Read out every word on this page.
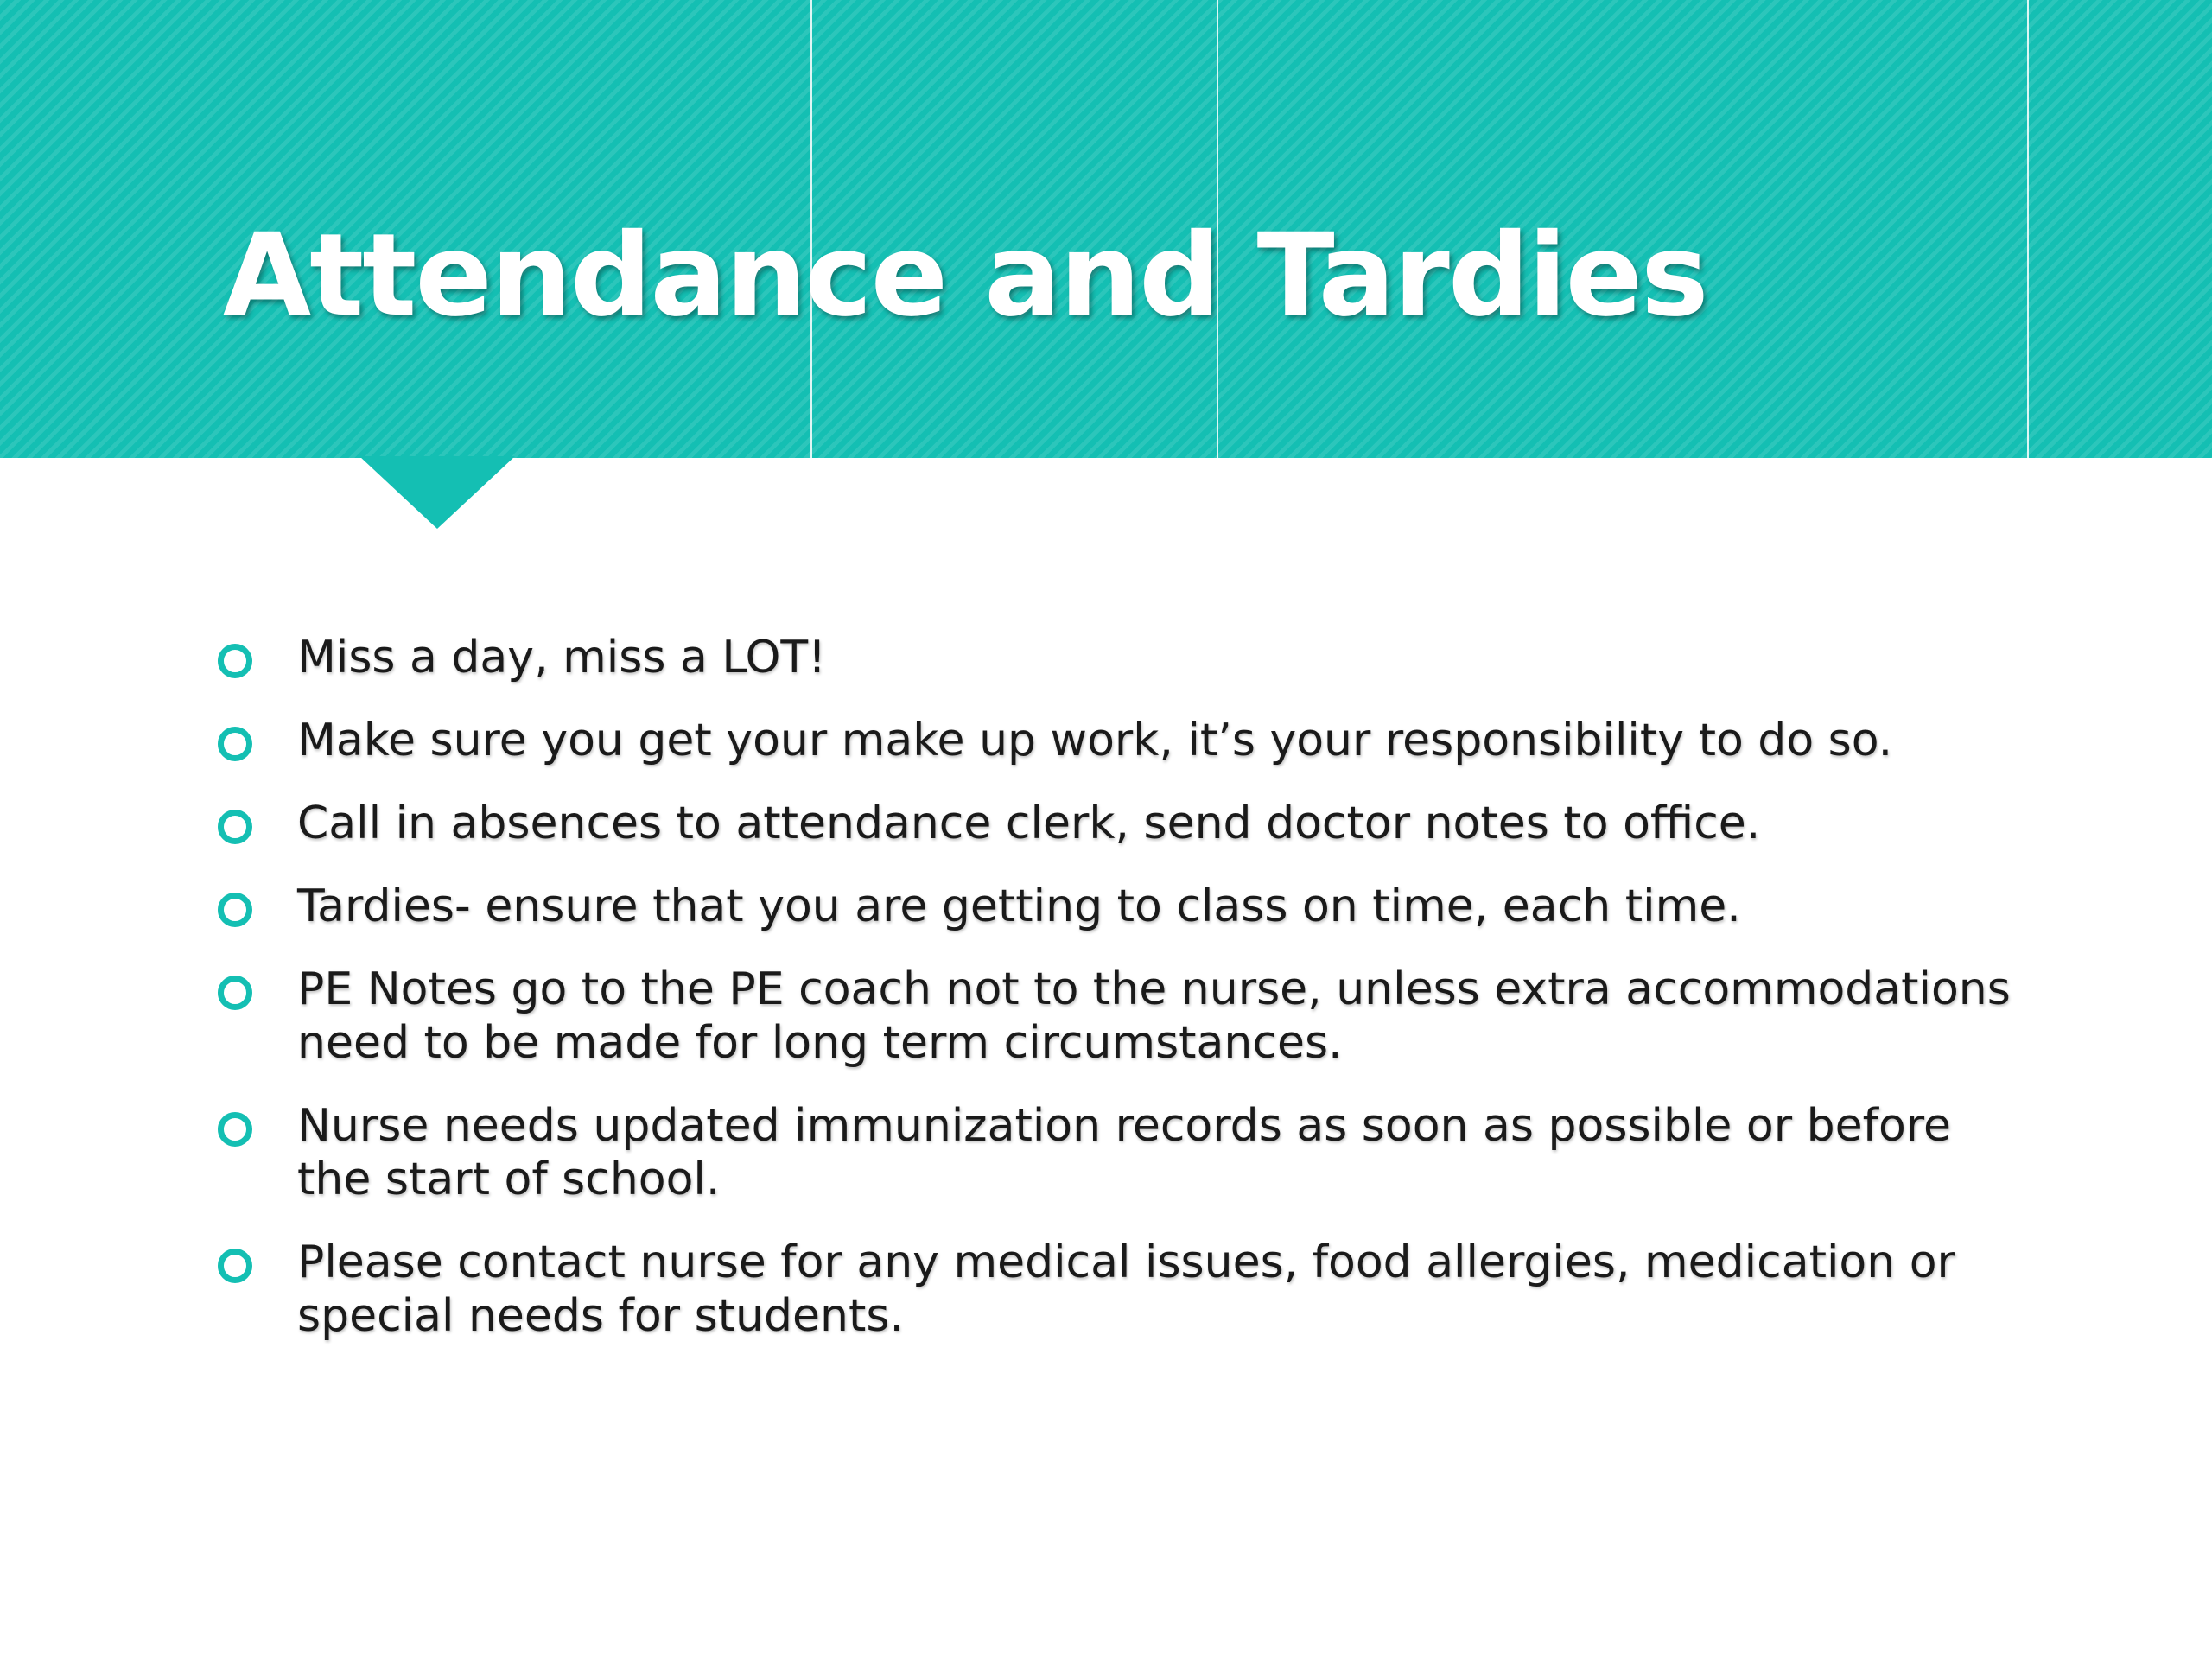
Attendance and Tardies
Miss a day, miss a LOT!
Make sure you get your make up work, it’s your responsibility to do so.
Call in absences to attendance clerk, send doctor notes to office.
Tardies- ensure that you are getting to class on time, each time.
PE Notes go to the PE coach not to the nurse, unless extra accommodations need to be made for long term circumstances.
Nurse needs updated immunization records as soon as possible or before the start of school.
Please contact nurse for any medical issues, food allergies, medication or special needs for students.
